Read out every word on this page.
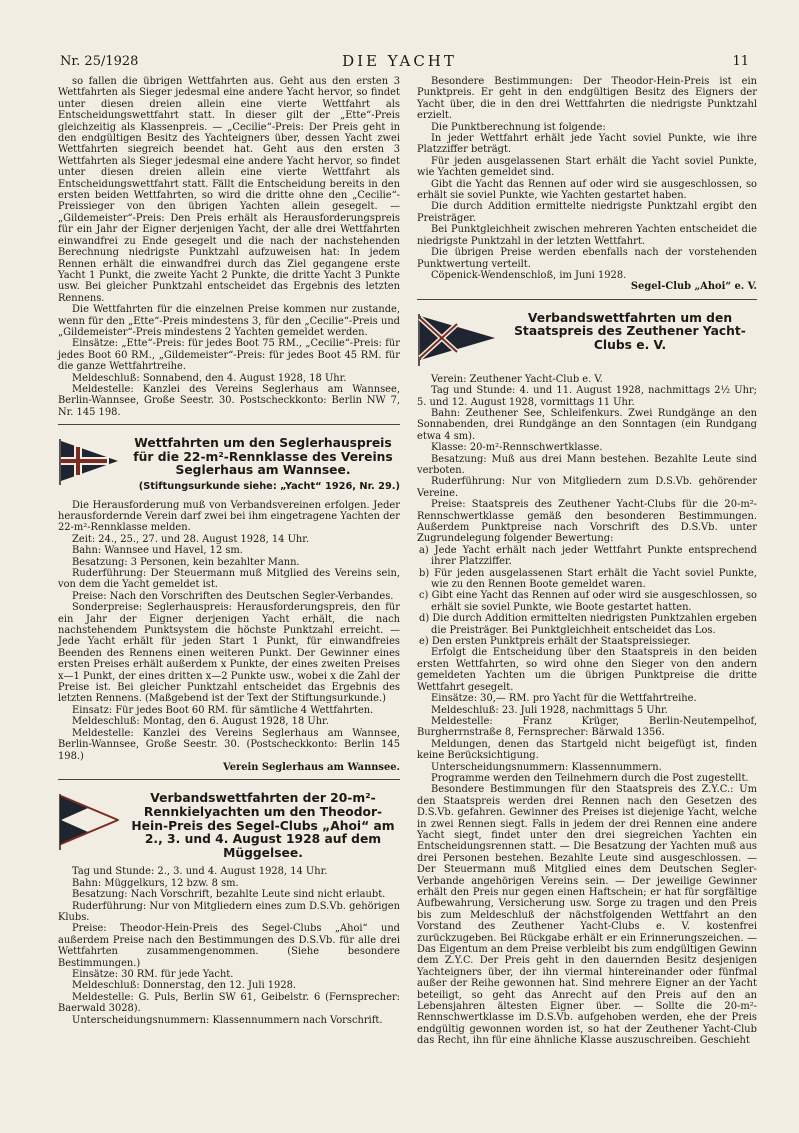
Nr. 25/1928	DIE YACHT	11

so fallen die übrigen Wettfahrten aus. Geht aus den ersten 3 Wettfahrten als Sieger jedesmal eine andere Yacht hervor, so findet unter diesen dreien allein eine vierte Wettfahrt als Entscheidungswettfahrt statt. In dieser gilt der „Ette“-Preis gleichzeitig als Klassenpreis. — „Cecilie“-Preis: Der Preis geht in den endgültigen Besitz des Yachteigners über, dessen Yacht zwei Wettfahrten siegreich beendet hat. Geht aus den ersten 3 Wettfahrten als Sieger jedesmal eine andere Yacht hervor, so findet unter diesen dreien allein eine vierte Wettfahrt als Entscheidungswettfahrt statt. Fällt die Entscheidung bereits in den ersten beiden Wettfahrten, so wird die dritte ohne den „Cecilie“-Preissieger von den übrigen Yachten allein gesegelt. — „Gildemeister“-Preis: Den Preis erhält als Herausforderungspreis für ein Jahr der Eigner derjenigen Yacht, der alle drei Wettfahrten einwandfrei zu Ende gesegelt und die nach der nachstehenden Berechnung niedrigste Punktzahl aufzuweisen hat: In jedem Rennen erhält die einwandfrei durch das Ziel gegangene erste Yacht 1 Punkt, die zweite Yacht 2 Punkte, die dritte Yacht 3 Punkte usw. Bei gleicher Punktzahl entscheidet das Ergebnis des letzten Rennens.

Die Wettfahrten für die einzelnen Preise kommen nur zustande, wenn für den „Ette“-Preis mindestens 3, für den „Cecilie“-Preis und „Gildemeister“-Preis mindestens 2 Yachten gemeldet werden.

Einsätze: „Ette“-Preis: für jedes Boot 75 RM., „Cecilie“-Preis: für jedes Boot 60 RM., „Gildemeister“-Preis: für jedes Boot 45 RM. für die ganze Wettfahrtreihe.

Meldeschluß: Sonnabend, den 4. August 1928, 18 Uhr.

Meldestelle: Kanzlei des Vereins Seglerhaus am Wannsee, Berlin-Wannsee, Große Seestr. 30. Postscheckkonto: Berlin NW 7, Nr. 145 198.

Wettfahrten um den Seglerhauspreis für die 22-m²-Rennklasse des Vereins Seglerhaus am Wannsee.
(Stiftungsurkunde siehe: „Yacht“ 1926, Nr. 29.)

Die Herausforderung muß von Verbandsvereinen erfolgen. Jeder herausfordernde Verein darf zwei bei ihm eingetragene Yachten der 22-m²-Rennklasse melden.

Zeit: 24., 25., 27. und 28. August 1928, 14 Uhr.

Bahn: Wannsee und Havel, 12 sm.

Besatzung: 3 Personen, kein bezahlter Mann.

Ruderführung: Der Steuermann muß Mitglied des Vereins sein, von dem die Yacht gemeldet ist.

Preise: Nach den Vorschriften des Deutschen Segler-Verbandes.

Sonderpreise: Seglerhauspreis: Herausforderungspreis, den für ein Jahr der Eigner derjenigen Yacht erhält, die nach nachstehendem Punktsystem die höchste Punktzahl erreicht. — Jede Yacht erhält für jeden Start 1 Punkt, für einwandfreies Beenden des Rennens einen weiteren Punkt. Der Gewinner eines ersten Preises erhält außerdem x Punkte, der eines zweiten Preises x—1 Punkt, der eines dritten x—2 Punkte usw., wobei x die Zahl der Preise ist. Bei gleicher Punktzahl entscheidet das Ergebnis des letzten Rennens. (Maßgebend ist der Text der Stiftungsurkunde.)

Einsatz: Für jedes Boot 60 RM. für sämtliche 4 Wettfahrten.

Meldeschluß: Montag, den 6. August 1928, 18 Uhr.

Meldestelle: Kanzlei des Vereins Seglerhaus am Wannsee, Berlin-Wannsee, Große Seestr. 30. (Postscheckkonto: Berlin 145 198.)

Verein Seglerhaus am Wannsee.

Verbandswettfahrten der 20-m²-Rennkielyachten um den Theodor-Hein-Preis des Segel-Clubs „Ahoi“ am 2., 3. und 4. August 1928 auf dem Müggelsee.

Tag und Stunde: 2., 3. und 4. August 1928, 14 Uhr.

Bahn: Müggelkurs, 12 bzw. 8 sm.

Besatzung: Nach Vorschrift, bezahlte Leute sind nicht erlaubt.

Ruderführung: Nur von Mitgliedern eines zum D.S.Vb. gehörigen Klubs.

Preise: Theodor-Hein-Preis des Segel-Clubs „Ahoi“ und außerdem Preise nach den Bestimmungen des D.S.Vb. für alle drei Wettfahrten zusammengenommen. (Siehe besondere Bestimmungen.)

Einsätze: 30 RM. für jede Yacht.

Meldeschluß: Donnerstag, den 12. Juli 1928.

Meldestelle: G. Puls, Berlin SW 61, Geibelstr. 6 (Fernsprecher: Baerwald 3028).

Unterscheidungsnummern: Klassennummern nach Vorschrift.

Besondere Bestimmungen: Der Theodor-Hein-Preis ist ein Punktpreis. Er geht in den endgültigen Besitz des Eigners der Yacht über, die in den drei Wettfahrten die niedrigste Punktzahl erzielt.

Die Punktberechnung ist folgende:

In jeder Wettfahrt erhält jede Yacht soviel Punkte, wie ihre Platzziffer beträgt.

Für jeden ausgelassenen Start erhält die Yacht soviel Punkte, wie Yachten gemeldet sind.

Gibt die Yacht das Rennen auf oder wird sie ausgeschlossen, so erhält sie soviel Punkte, wie Yachten gestartet haben.

Die durch Addition ermittelte niedrigste Punktzahl ergibt den Preisträger.

Bei Punktgleichheit zwischen mehreren Yachten entscheidet die niedrigste Punktzahl in der letzten Wettfahrt.

Die übrigen Preise werden ebenfalls nach der vorstehenden Punktwertung verteilt.

Cöpenick-Wendenschloß, im Juni 1928.

Segel-Club „Ahoi“ e. V.

Verbandswettfahrten um den Staatspreis des Zeuthener Yacht-Clubs e. V.

Verein: Zeuthener Yacht-Club e. V.

Tag und Stunde: 4. und 11. August 1928, nachmittags 2½ Uhr; 5. und 12. August 1928, vormittags 11 Uhr.

Bahn: Zeuthener See, Schleifenkurs. Zwei Rundgänge an den Sonnabenden, drei Rundgänge an den Sonntagen (ein Rundgang etwa 4 sm).

Klasse: 20-m²-Rennschwertklasse.

Besatzung: Muß aus drei Mann bestehen. Bezahlte Leute sind verboten.

Ruderführung: Nur von Mitgliedern zum D.S.Vb. gehörender Vereine.

Preise: Staatspreis des Zeuthener Yacht-Clubs für die 20-m²-Rennschwertklasse gemäß den besonderen Bestimmungen. Außerdem Punktpreise nach Vorschrift des D.S.Vb. unter Zugrundelegung folgender Bewertung:

a) Jede Yacht erhält nach jeder Wettfahrt Punkte entsprechend ihrer Platzziffer.

b) Für jeden ausgelassenen Start erhält die Yacht soviel Punkte, wie zu den Rennen Boote gemeldet waren.

c) Gibt eine Yacht das Rennen auf oder wird sie ausgeschlossen, so erhält sie soviel Punkte, wie Boote gestartet hatten.

d) Die durch Addition ermittelten niedrigsten Punktzahlen ergeben die Preisträger. Bei Punktgleichheit entscheidet das Los.

e) Den ersten Punktpreis erhält der Staatspreissieger.

Erfolgt die Entscheidung über den Staatspreis in den beiden ersten Wettfahrten, so wird ohne den Sieger von den andern gemeldeten Yachten um die übrigen Punktpreise die dritte Wettfahrt gesegelt.

Einsätze: 30,— RM. pro Yacht für die Wettfahrtreihe.

Meldeschluß: 23. Juli 1928, nachmittags 5 Uhr.

Meldestelle: Franz Krüger, Berlin-Neutempelhof, Burgherrnstraße 8, Fernsprecher: Bärwald 1356.

Meldungen, denen das Startgeld nicht beigefügt ist, finden keine Berücksichtigung.

Unterscheidungsnummern: Klassennummern.

Programme werden den Teilnehmern durch die Post zugestellt.

Besondere Bestimmungen für den Staatspreis des Z.Y.C.: Um den Staatspreis werden drei Rennen nach den Gesetzen des D.S.Vb. gefahren. Gewinner des Preises ist diejenige Yacht, welche in zwei Rennen siegt. Falls in jedem der drei Rennen eine andere Yacht siegt, findet unter den drei siegreichen Yachten ein Entscheidungsrennen statt. — Die Besatzung der Yachten muß aus drei Personen bestehen. Bezahlte Leute sind ausgeschlossen. — Der Steuermann muß Mitglied eines dem Deutschen Segler-Verbande angehörigen Vereins sein. — Der jeweilige Gewinner erhält den Preis nur gegen einen Haftschein; er hat für sorgfältige Aufbewahrung, Versicherung usw. Sorge zu tragen und den Preis bis zum Meldeschluß der nächstfolgenden Wettfahrt an den Vorstand des Zeuthener Yacht-Clubs e. V. kostenfrei zurückzugeben. Bei Rückgabe erhält er ein Erinnerungszeichen. — Das Eigentum an dem Preise verbleibt bis zum endgültigen Gewinn dem Z.Y.C. Der Preis geht in den dauernden Besitz desjenigen Yachteigners über, der ihn viermal hintereinander oder fünfmal außer der Reihe gewonnen hat. Sind mehrere Eigner an der Yacht beteiligt, so geht das Anrecht auf den Preis auf den an Lebensjahren ältesten Eigner über. — Sollte die 20-m²-Rennschwertklasse im D.S.Vb. aufgehoben werden, ehe der Preis endgültig gewonnen worden ist, so hat der Zeuthener Yacht-Club das Recht, ihn für eine ähnliche Klasse auszuschreiben. Geschieht
